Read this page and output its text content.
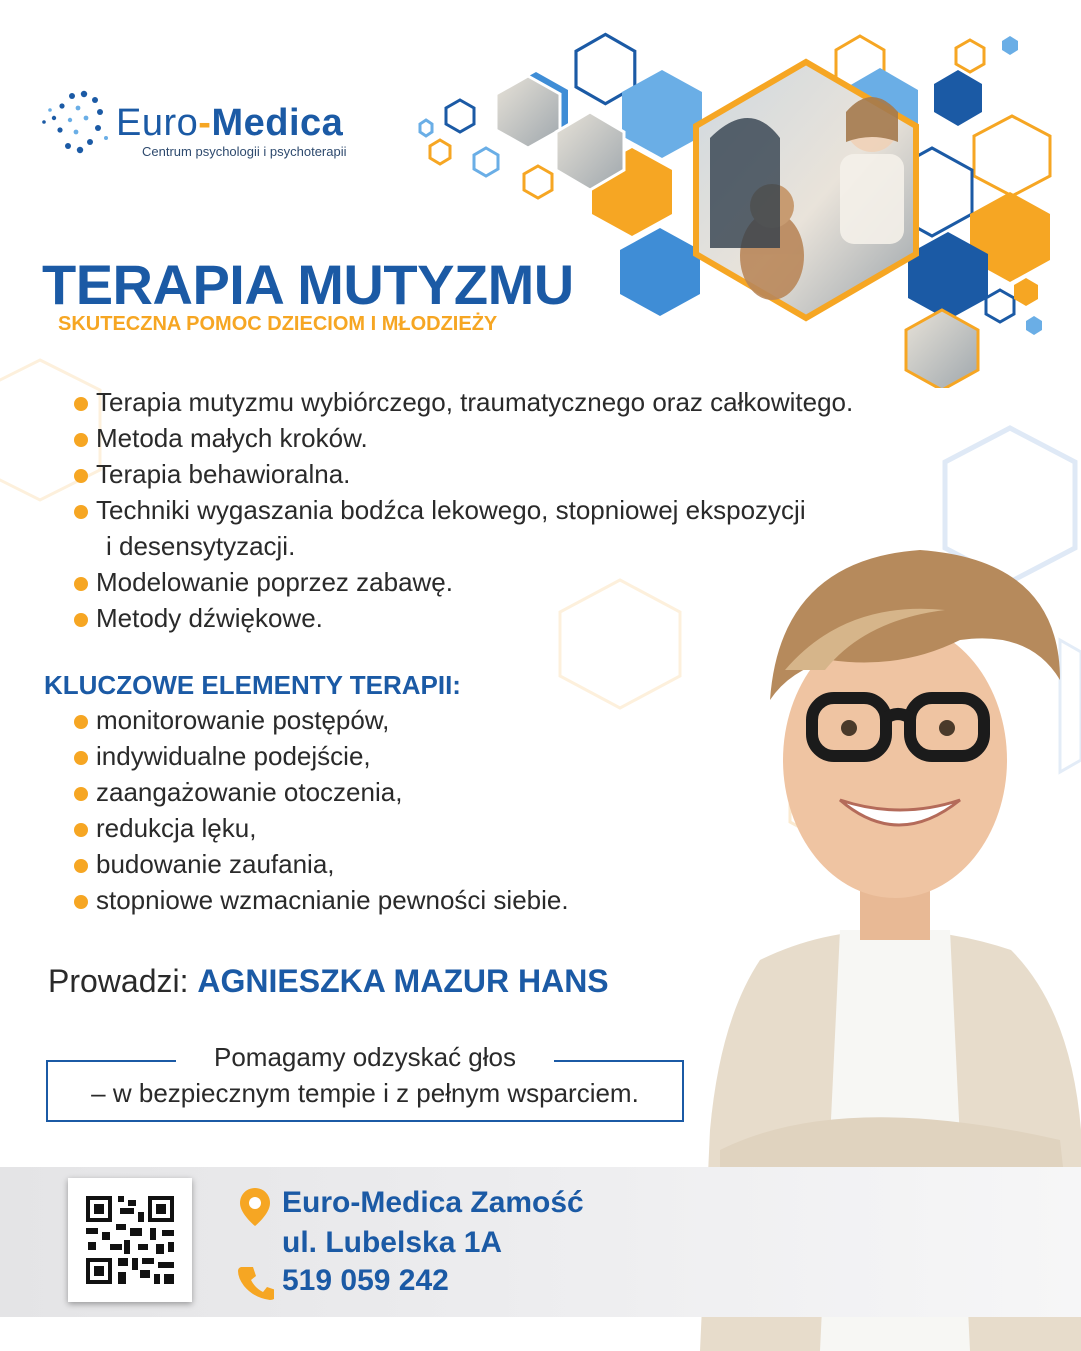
Euro-Medica
Centrum psychologii i psychoterapii
TERAPIA MUTYZMU
SKUTECZNA POMOC DZIECIOM I MŁODZIEŻY
Terapia mutyzmu wybiórczego, traumatycznego oraz całkowitego.
Metoda małych kroków.
Terapia behawioralna.
Techniki wygaszania bodźca lekowego, stopniowej ekspozycji
i desensytyzacji.
Modelowanie poprzez zabawę.
Metody dźwiękowe.
KLUCZOWE ELEMENTY TERAPII:
monitorowanie postępów,
indywidualne podejście,
zaangażowanie otoczenia,
redukcja lęku,
budowanie zaufania,
stopniowe wzmacnianie pewności siebie.
Prowadzi: AGNIESZKA MAZUR HANS
Pomagamy odzyskać głos
– w bezpiecznym tempie i z pełnym wsparciem.
Euro-Medica Zamość
ul. Lubelska 1A
519 059 242
